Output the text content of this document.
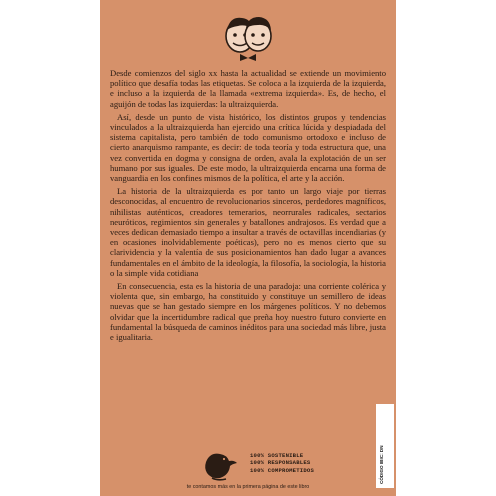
Desde comienzos del siglo xx hasta la actualidad se extiende un movimiento político que desafía todas las etiquetas. Se coloca a la izquierda de la izquierda, e incluso a la izquierda de la llamada «extrema izquierda». Es, de hecho, el aguijón de todas las izquierdas: la ultraizquierda.

Así, desde un punto de vista histórico, los distintos grupos y tendencias vinculados a la ultraizquierda han ejercido una crítica lúcida y despiadada del sistema capitalista, pero también de todo comunismo ortodoxo e incluso de cierto anarquismo rampante, es decir: de toda teoría y toda estructura que, una vez convertida en dogma y consigna de orden, avala la explotación de un ser humano por sus iguales. De este modo, la ultraizquierda encarna una forma de vanguardia en los confines mismos de la política, el arte y la acción.

La historia de la ultraizquierda es por tanto un largo viaje por tierras desconocidas, al encuentro de revolucionarios sinceros, perdedores magníficos, nihilistas auténticos, creadores temerarios, neorrurales radicales, sectarios neuróticos, regimientos sin generales y batallones andrajosos. Es verdad que a veces dedican demasiado tiempo a insultar a través de octavillas incendiarias (y en ocasiones inolvidablemente poéticas), pero no es menos cierto que su clarividencia y la valentía de sus posicionamientos han dado lugar a avances fundamentales en el ámbito de la ideología, la filosofía, la sociología, la historia o la simple vida cotidiana

En consecuencia, esta es la historia de una paradoja: una corriente colérica y violenta que, sin embargo, ha constituido y constituye un semillero de ideas nuevas que se han gestado siempre en los márgenes políticos. Y no debemos olvidar que la incertidumbre radical que preña hoy nuestro futuro convierte en fundamental la búsqueda de caminos inéditos para una sociedad más libre, justa e igualitaria.

100% SOSTENIBLE
100% RESPONSABLES
100% COMPROMETIDOS
te contamos más en la primera página de este libro
CÓDIGO IBIC: DN
